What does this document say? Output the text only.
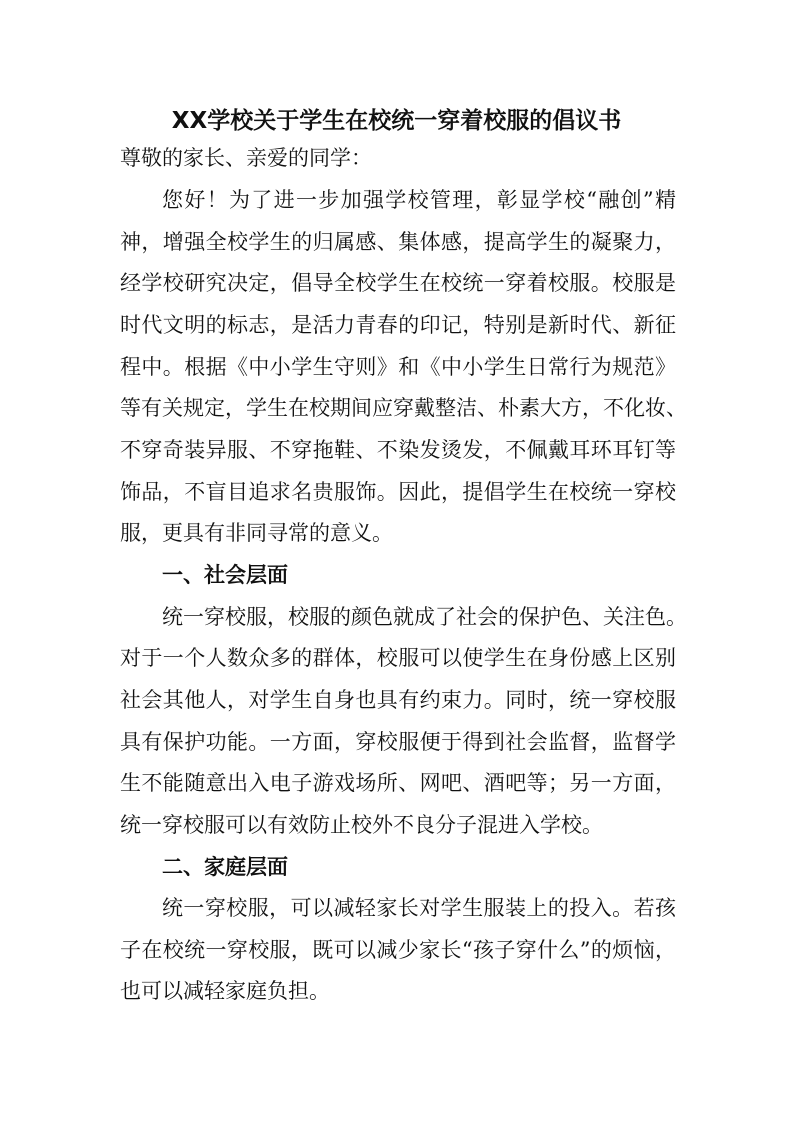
XX学校关于学生在校统一穿着校服的倡议书
尊敬的家长、亲爱的同学：
您好！为了进一步加强学校管理，彰显学校“融创”精
神，增强全校学生的归属感、集体感，提高学生的凝聚力，
经学校研究决定，倡导全校学生在校统一穿着校服。校服是
时代文明的标志，是活力青春的印记，特别是新时代、新征
程中。根据《中小学生守则》和《中小学生日常行为规范》
等有关规定，学生在校期间应穿戴整洁、朴素大方，不化妆、
不穿奇装异服、不穿拖鞋、不染发烫发，不佩戴耳环耳钉等
饰品，不盲目追求名贵服饰。因此，提倡学生在校统一穿校
服，更具有非同寻常的意义。
一、社会层面
统一穿校服，校服的颜色就成了社会的保护色、关注色。
对于一个人数众多的群体，校服可以使学生在身份感上区别
社会其他人，对学生自身也具有约束力。同时，统一穿校服
具有保护功能。一方面，穿校服便于得到社会监督，监督学
生不能随意出入电子游戏场所、网吧、酒吧等；另一方面，
统一穿校服可以有效防止校外不良分子混进入学校。
二、家庭层面
统一穿校服，可以减轻家长对学生服装上的投入。若孩
子在校统一穿校服，既可以减少家长“孩子穿什么”的烦恼，
也可以减轻家庭负担。
